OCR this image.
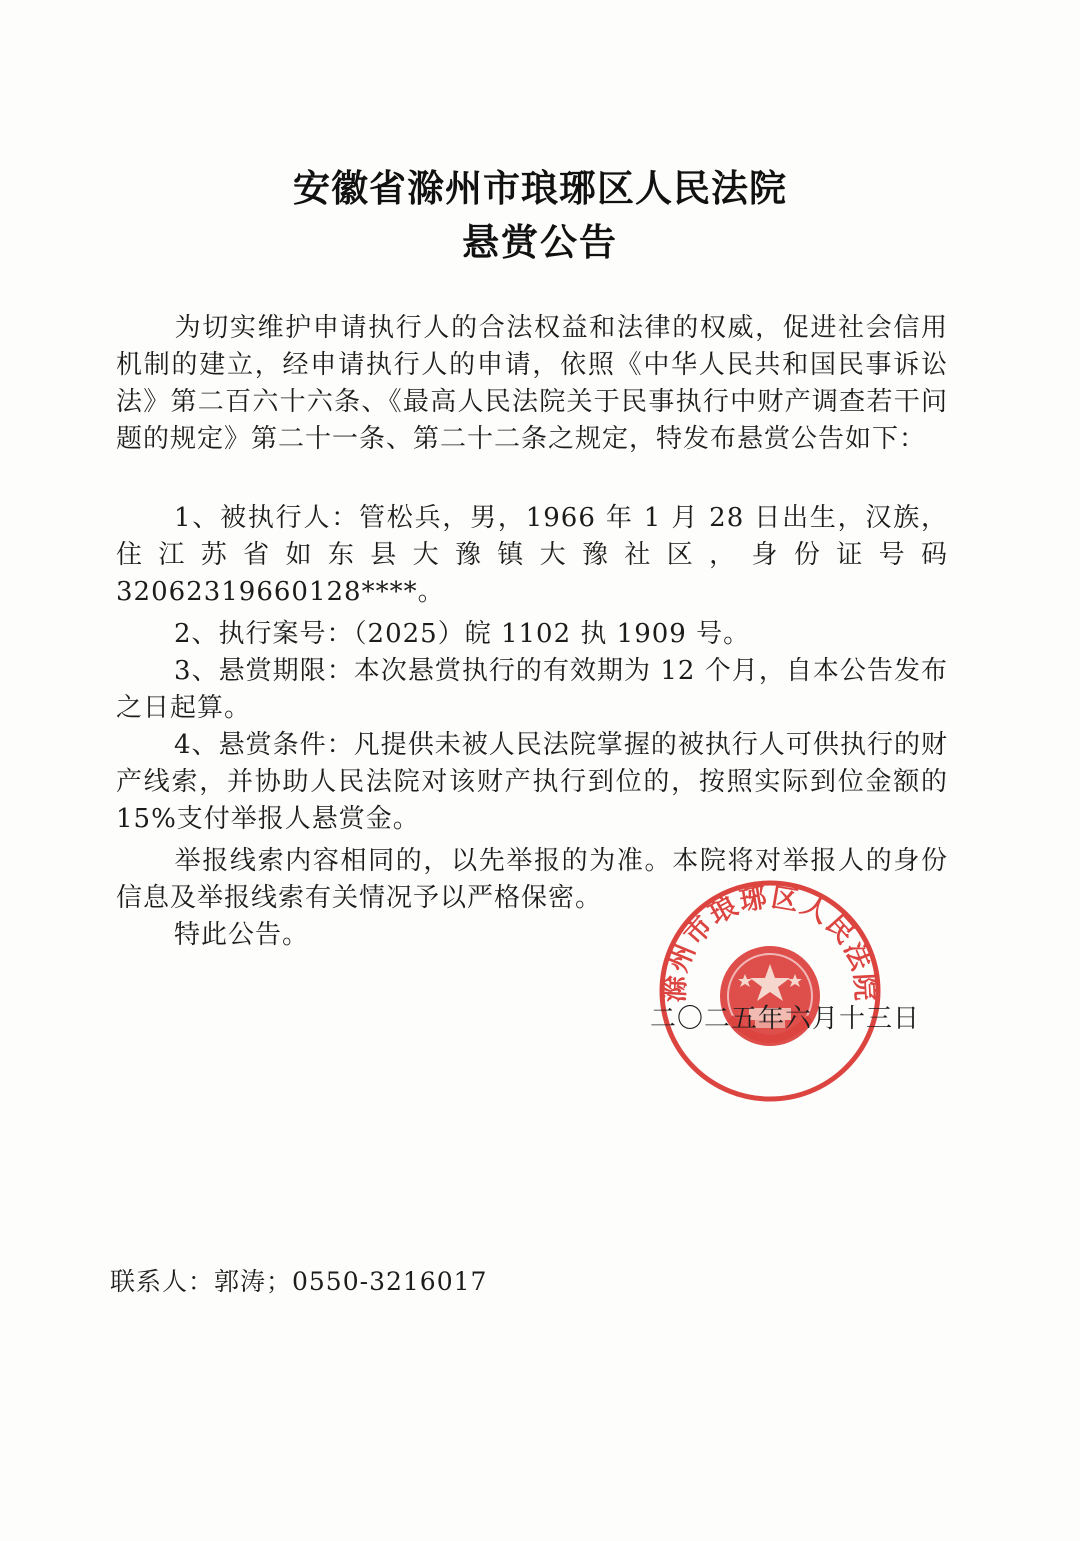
安徽省滁州市琅琊区人民法院
悬赏公告
为切实维护申请执行人的合法权益和法律的权威，促进社会信用机制的建立，经申请执行人的申请，依照《中华人民共和国民事诉讼法》第二百六十六条、《最高人民法院关于民事执行中财产调查若干问题的规定》第二十一条、第二十二条之规定，特发布悬赏公告如下：
1、被执行人：管松兵，男，1966 年 1 月 28 日出生，汉族，住江苏省如东县大豫镇大豫社区，身份证号码 32062319660128****。
2、执行案号：（2025）皖 1102 执 1909 号。
3、悬赏期限：本次悬赏执行的有效期为 12 个月，自本公告发布之日起算。
4、悬赏条件：凡提供未被人民法院掌握的被执行人可供执行的财产线索，并协助人民法院对该财产执行到位的，按照实际到位金额的 15%支付举报人悬赏金。
举报线索内容相同的，以先举报的为准。本院将对举报人的身份信息及举报线索有关情况予以严格保密。
特此公告。
滁州市琅琊区人民法院
二〇二五年六月十三日
联系人：郭涛；0550-3216017
